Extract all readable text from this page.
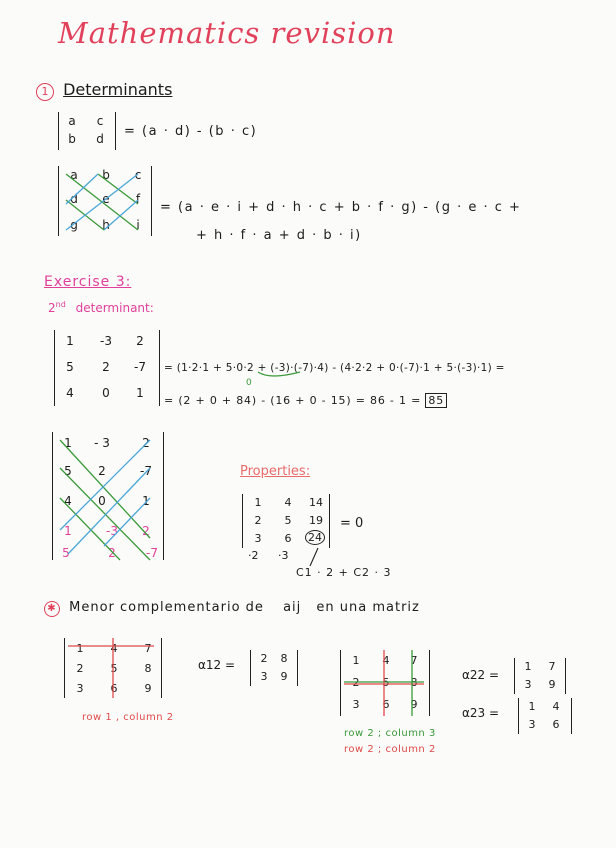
Mathematics revision
1 Determinants
a	c
b	d	= (a · d) - (b · c)
a	b	c
d	e	f
g	h	i
= (a · e · i + d · h · c + b · f · g) - (g · e · c +
+ h · f · a + d · b · i)
Exercise 3:
2nd determinant:
1	-3	2
5	2	-7
4	0	1
= (1·2·1 + 5·0·2 + (-3)·(-7)·4) - (4·2·2 + 0·(-7)·1 + 5·(-3)·1) =
0
= (2 + 0 + 84) - (16 + 0 - 15) = 86 - 1 = 85
1	- 3	2
5	2	-7
4	0	1
1	-3	2
5	2	-7
Properties:
1	4	14
2	5	19
3	6	24
·2 ·3
= 0
C1 · 2 + C2 · 3
✱ Menor complementario de aij en una matriz
1	4	7
2	5	8
3	6	9
row 1 , column 2
α12 =	2	8
3	9
1	4	7
2	5	8
3	6	9
row 2 ; column 3
row 2 ; column 2
α22 =
1	7
3	9
α23 =	1	4
3	6
